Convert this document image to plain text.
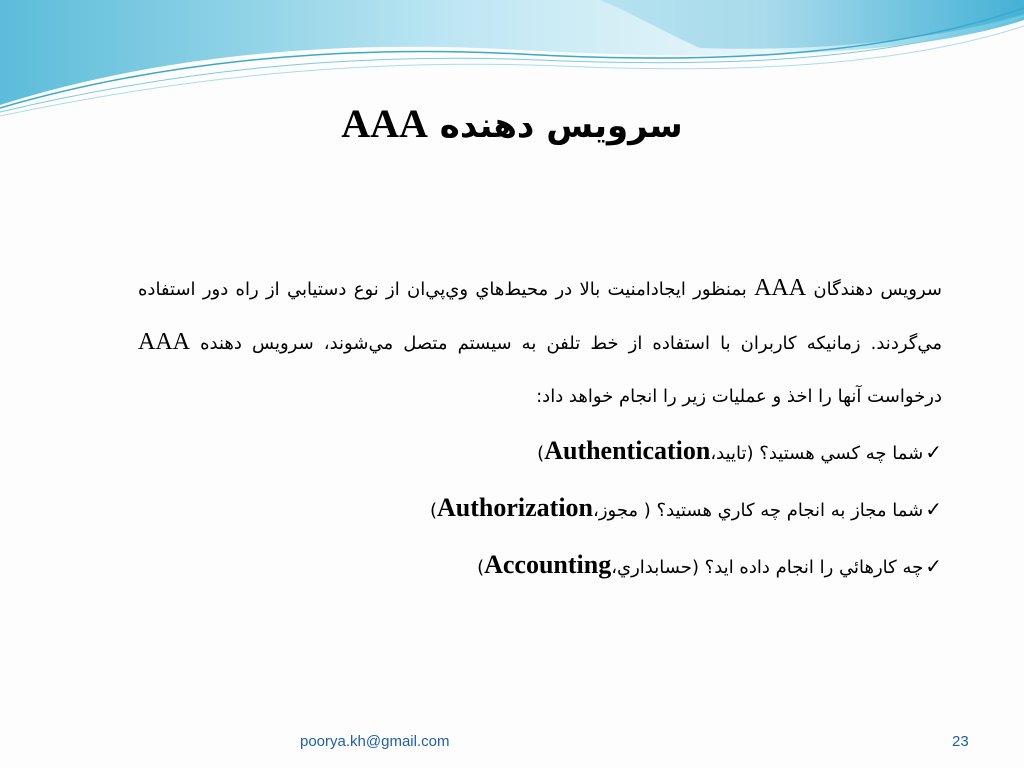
سرويس دهنده AAA

سرويس دهندگان AAA بمنظور ايجادامنيت بالا در محيط‌هاي وي‌پي‌ان از نوع دستيابي از راه دور استفاده مي‌گردند. زمانيكه كاربران با استفاده از خط تلفن به سيستم متصل مي‌شوند، سرويس دهنده AAA درخواست آنها را اخذ و عمليات زير را انجام خواهد داد:

✓شما چه كسي هستيد؟ (تاييد،Authentication)
✓شما مجاز به انجام چه كاري هستيد؟ ( مجوز،Authorization)
✓چه كارهائي را انجام داده ايد؟ (حسابداري،Accounting)
poorya.kh@gmail.com	23
